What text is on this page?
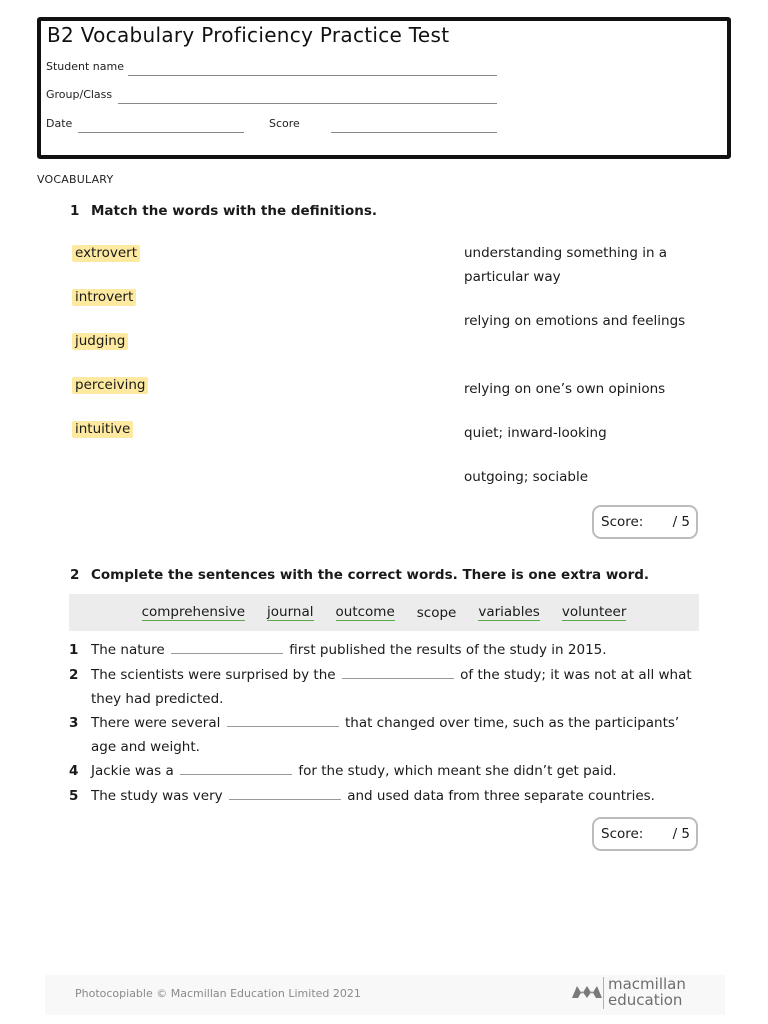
B2 Vocabulary Proficiency Practice Test
Student name
Group/Class
Date	Score
VOCABULARY
1 Match the words with the definitions.
extrovert
introvert
judging
perceiving
intuitive
understanding something in a particular way
relying on emotions and feelings
relying on one’s own opinions
quiet; inward-looking
outgoing; sociable
Score: / 5
2 Complete the sentences with the correct words. There is one extra word.
comprehensive journal outcome scope variables volunteer
1 The nature	first published the results of the study in 2015.
2 The scientists were surprised by the	of the study; it was not at all what they had predicted.
3 There were several	that changed over time, such as the participants’ age and weight.
4 Jackie was a	for the study, which meant she didn’t get paid.
5 The study was very	and used data from three separate countries.
Score: / 5
Photocopiable © Macmillan Education Limited 2021
macmillan
education
